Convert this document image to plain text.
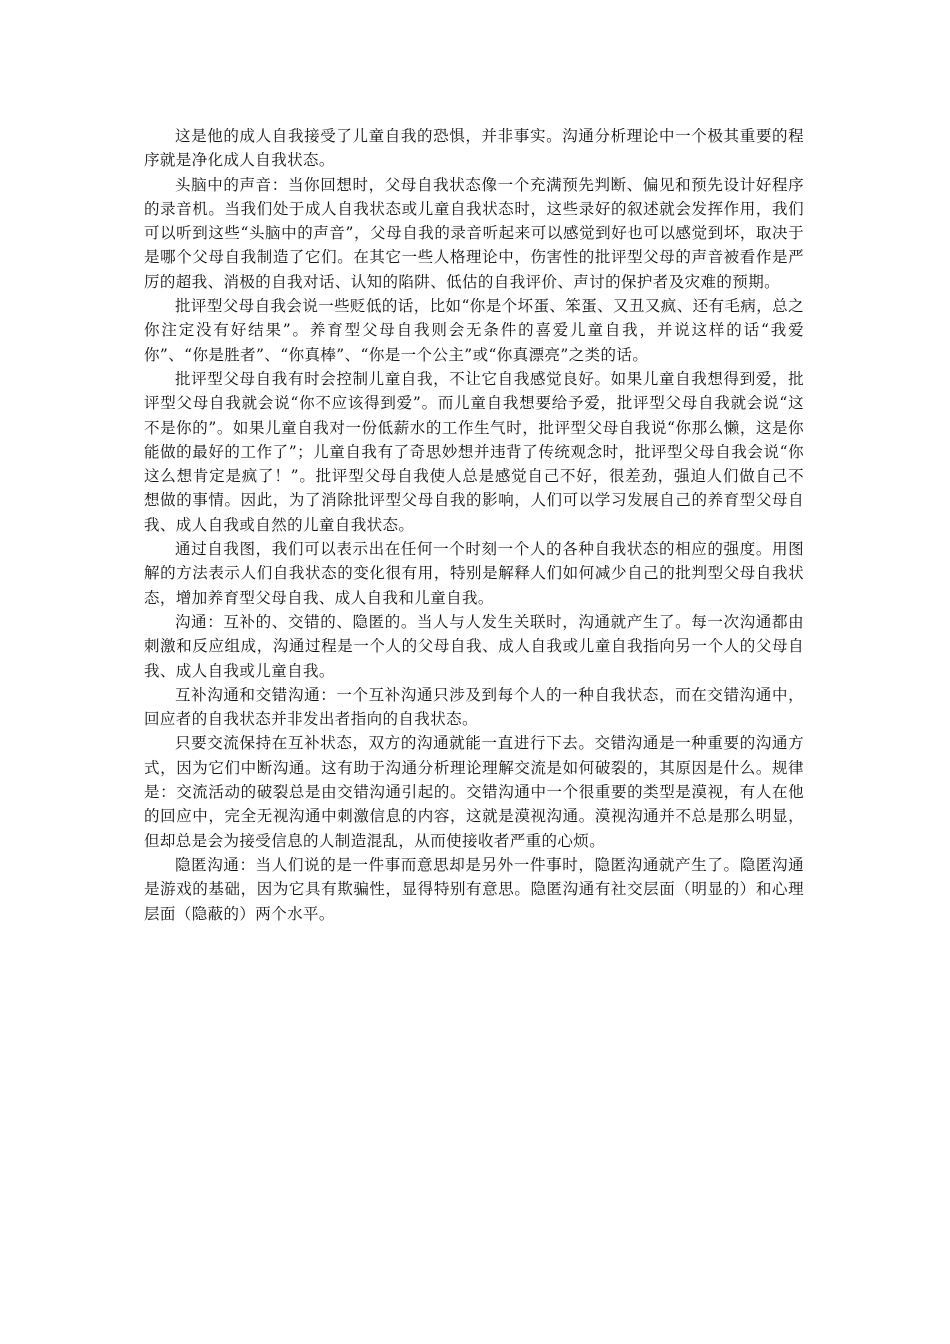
这是他的成人自我接受了儿童自我的恐惧，并非事实。沟通分析理论中一个极其重要的程序就是净化成人自我状态。

头脑中的声音：当你回想时，父母自我状态像一个充满预先判断、偏见和预先设计好程序的录音机。当我们处于成人自我状态或儿童自我状态时，这些录好的叙述就会发挥作用，我们可以听到这些“头脑中的声音”，父母自我的录音听起来可以感觉到好也可以感觉到坏，取决于是哪个父母自我制造了它们。在其它一些人格理论中，伤害性的批评型父母的声音被看作是严厉的超我、消极的自我对话、认知的陷阱、低估的自我评价、声讨的保护者及灾难的预期。

批评型父母自我会说一些贬低的话，比如“你是个坏蛋、笨蛋、又丑又疯、还有毛病，总之你注定没有好结果”。养育型父母自我则会无条件的喜爱儿童自我，并说这样的话“我爱你”、“你是胜者”、“你真棒”、“你是一个公主”或“你真漂亮”之类的话。

批评型父母自我有时会控制儿童自我，不让它自我感觉良好。如果儿童自我想得到爱，批评型父母自我就会说“你不应该得到爱”。而儿童自我想要给予爱，批评型父母自我就会说“这不是你的”。如果儿童自我对一份低薪水的工作生气时，批评型父母自我说“你那么懒，这是你能做的最好的工作了”；儿童自我有了奇思妙想并违背了传统观念时，批评型父母自我会说“你这么想肯定是疯了！”。批评型父母自我使人总是感觉自己不好，很差劲，强迫人们做自己不想做的事情。因此，为了消除批评型父母自我的影响，人们可以学习发展自己的养育型父母自我、成人自我或自然的儿童自我状态。

通过自我图，我们可以表示出在任何一个时刻一个人的各种自我状态的相应的强度。用图解的方法表示人们自我状态的变化很有用，特别是解释人们如何减少自己的批判型父母自我状态，增加养育型父母自我、成人自我和儿童自我。

沟通：互补的、交错的、隐匿的。当人与人发生关联时，沟通就产生了。每一次沟通都由刺激和反应组成，沟通过程是一个人的父母自我、成人自我或儿童自我指向另一个人的父母自我、成人自我或儿童自我。

互补沟通和交错沟通：一个互补沟通只涉及到每个人的一种自我状态，而在交错沟通中，回应者的自我状态并非发出者指向的自我状态。

只要交流保持在互补状态，双方的沟通就能一直进行下去。交错沟通是一种重要的沟通方式，因为它们中断沟通。这有助于沟通分析理论理解交流是如何破裂的，其原因是什么。规律是：交流活动的破裂总是由交错沟通引起的。交错沟通中一个很重要的类型是漠视，有人在他的回应中，完全无视沟通中刺激信息的内容，这就是漠视沟通。漠视沟通并不总是那么明显，但却总是会为接受信息的人制造混乱，从而使接收者严重的心烦。

隐匿沟通：当人们说的是一件事而意思却是另外一件事时，隐匿沟通就产生了。隐匿沟通是游戏的基础，因为它具有欺骗性，显得特别有意思。隐匿沟通有社交层面（明显的）和心理层面（隐蔽的）两个水平。
